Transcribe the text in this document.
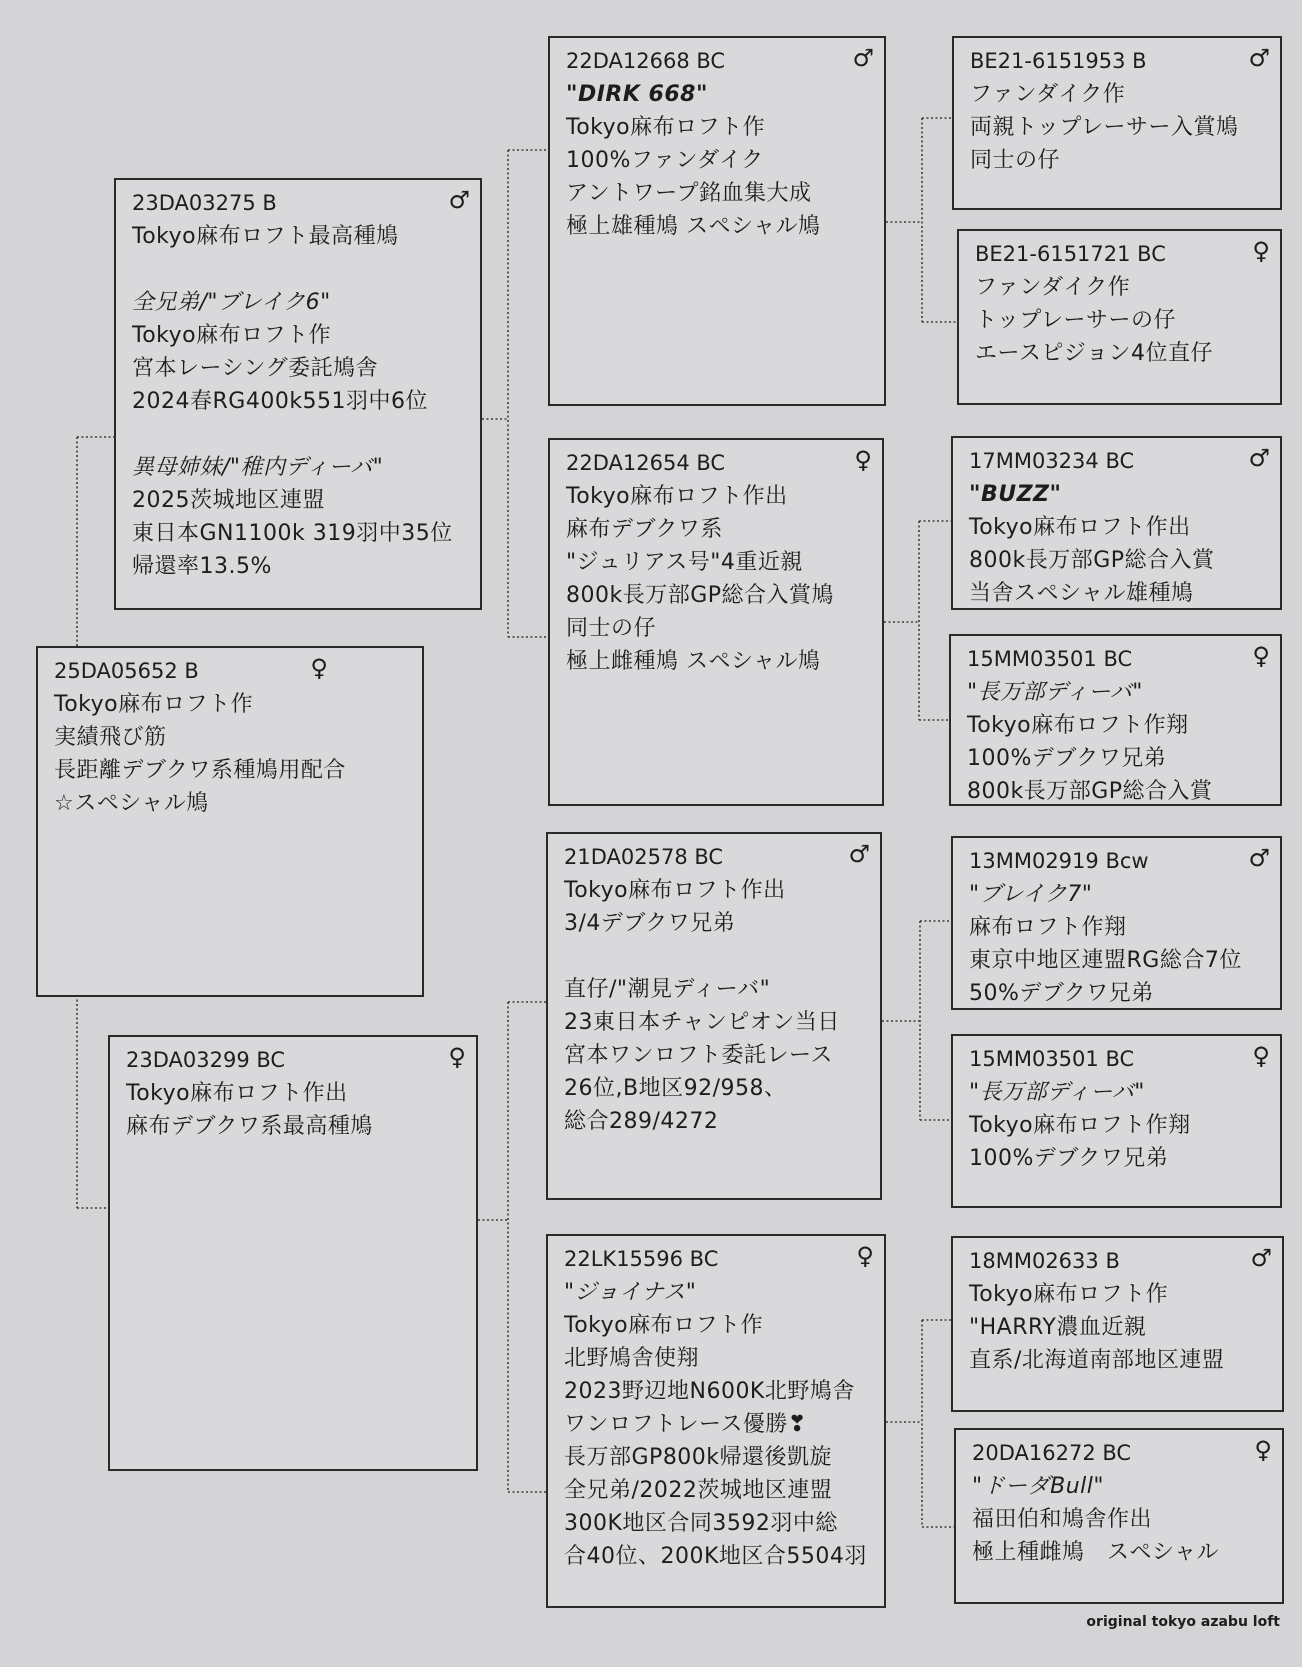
25DA05652 B	♀
Tokyo麻布ロフト作
実績飛び筋
長距離デブクワ系種鳩用配合
☆スペシャル鳩
23DA03275 B	♂
Tokyo麻布ロフト最高種鳩
全兄弟/"ブレイク6"
Tokyo麻布ロフト作
宮本レーシング委託鳩舎
2024春RG400k551羽中6位
異母姉妹/"稚内ディーバ"
2025茨城地区連盟
東日本GN1100k 319羽中35位
帰還率13.5%
23DA03299 BC	♀
Tokyo麻布ロフト作出
麻布デブクワ系最高種鳩
22DA12668 BC	♂
"DIRK 668"
Tokyo麻布ロフト作
100%ファンダイク
アントワープ銘血集大成
極上雄種鳩 スペシャル鳩
22DA12654 BC	♀
Tokyo麻布ロフト作出
麻布デブクワ系
"ジュリアス号"4重近親
800k長万部GP総合入賞鳩
同士の仔
極上雌種鳩 スペシャル鳩
21DA02578 BC	♂
Tokyo麻布ロフト作出
3/4デブクワ兄弟
直仔/"潮見ディーバ"
23東日本チャンピオン当日
宮本ワンロフト委託レース
26位,B地区92/958、
総合289/4272
22LK15596 BC	♀
"ジョイナス"
Tokyo麻布ロフト作
北野鳩舎使翔
2023野辺地N600K北野鳩舎
ワンロフトレース優勝❣
長万部GP800k帰還後凱旋
全兄弟/2022茨城地区連盟
300K地区合同3592羽中総
合40位、200K地区合5504羽
BE21-6151953 B	♂
ファンダイク作
両親トップレーサー入賞鳩
同士の仔
BE21-6151721 BC	♀
ファンダイク作
トップレーサーの仔
エースピジョン4位直仔
17MM03234 BC	♂
"BUZZ"
Tokyo麻布ロフト作出
800k長万部GP総合入賞
当舎スペシャル雄種鳩
15MM03501 BC	♀
"長万部ディーバ"
Tokyo麻布ロフト作翔
100%デブクワ兄弟
800k長万部GP総合入賞
13MM02919 Bcw	♂
"ブレイク7"
麻布ロフト作翔
東京中地区連盟RG総合7位
50%デブクワ兄弟
15MM03501 BC	♀
"長万部ディーバ"
Tokyo麻布ロフト作翔
100%デブクワ兄弟
18MM02633 B	♂
Tokyo麻布ロフト作
"HARRY濃血近親
直系/北海道南部地区連盟
20DA16272 BC	♀
"ドーダBull"
福田伯和鳩舎作出
極上種雌鳩　スペシャル
original tokyo azabu loft
